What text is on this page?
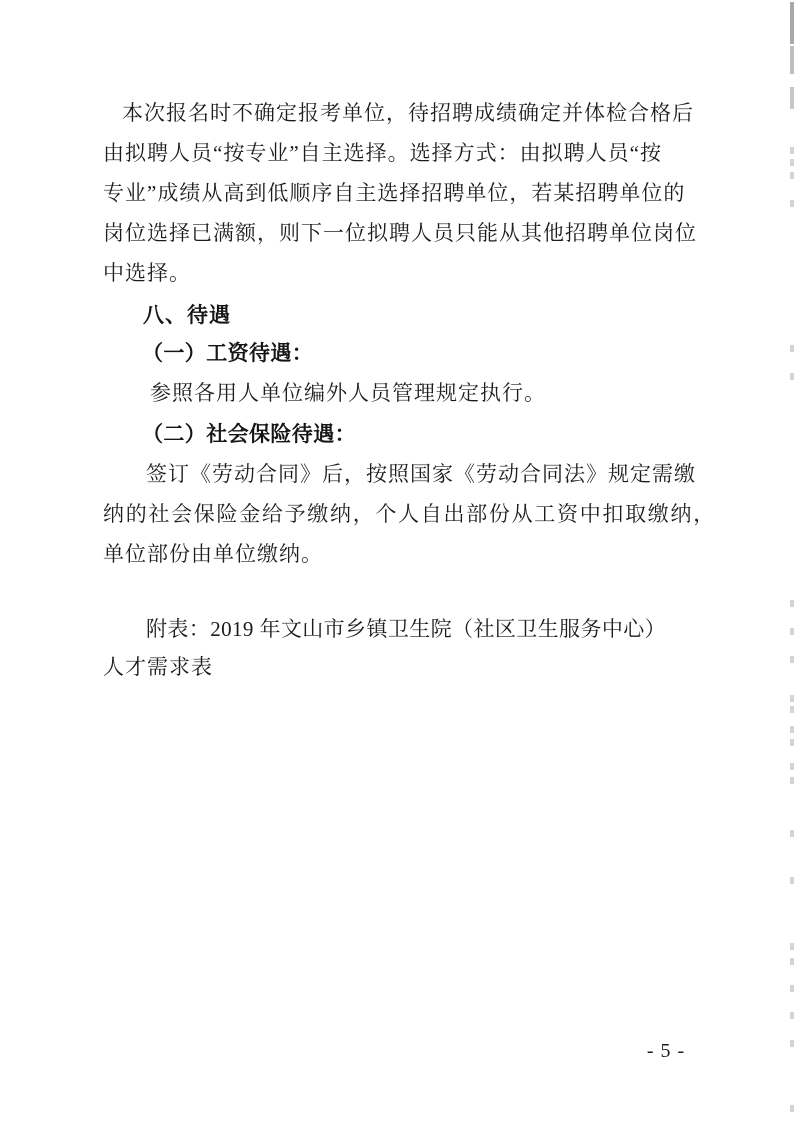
本次报名时不确定报考单位，待招聘成绩确定并体检合格后
由拟聘人员“按专业”自主选择。选择方式：由拟聘人员“按
专业”成绩从高到低顺序自主选择招聘单位，若某招聘单位的
岗位选择已满额，则下一位拟聘人员只能从其他招聘单位岗位
中选择。
八、待遇
（一）工资待遇：
参照各用人单位编外人员管理规定执行。
（二）社会保险待遇：
签订《劳动合同》后，按照国家《劳动合同法》规定需缴
纳的社会保险金给予缴纳，个人自出部份从工资中扣取缴纳，
单位部份由单位缴纳。
附表：2019 年文山市乡镇卫生院（社区卫生服务中心）
人才需求表
- 5 -
